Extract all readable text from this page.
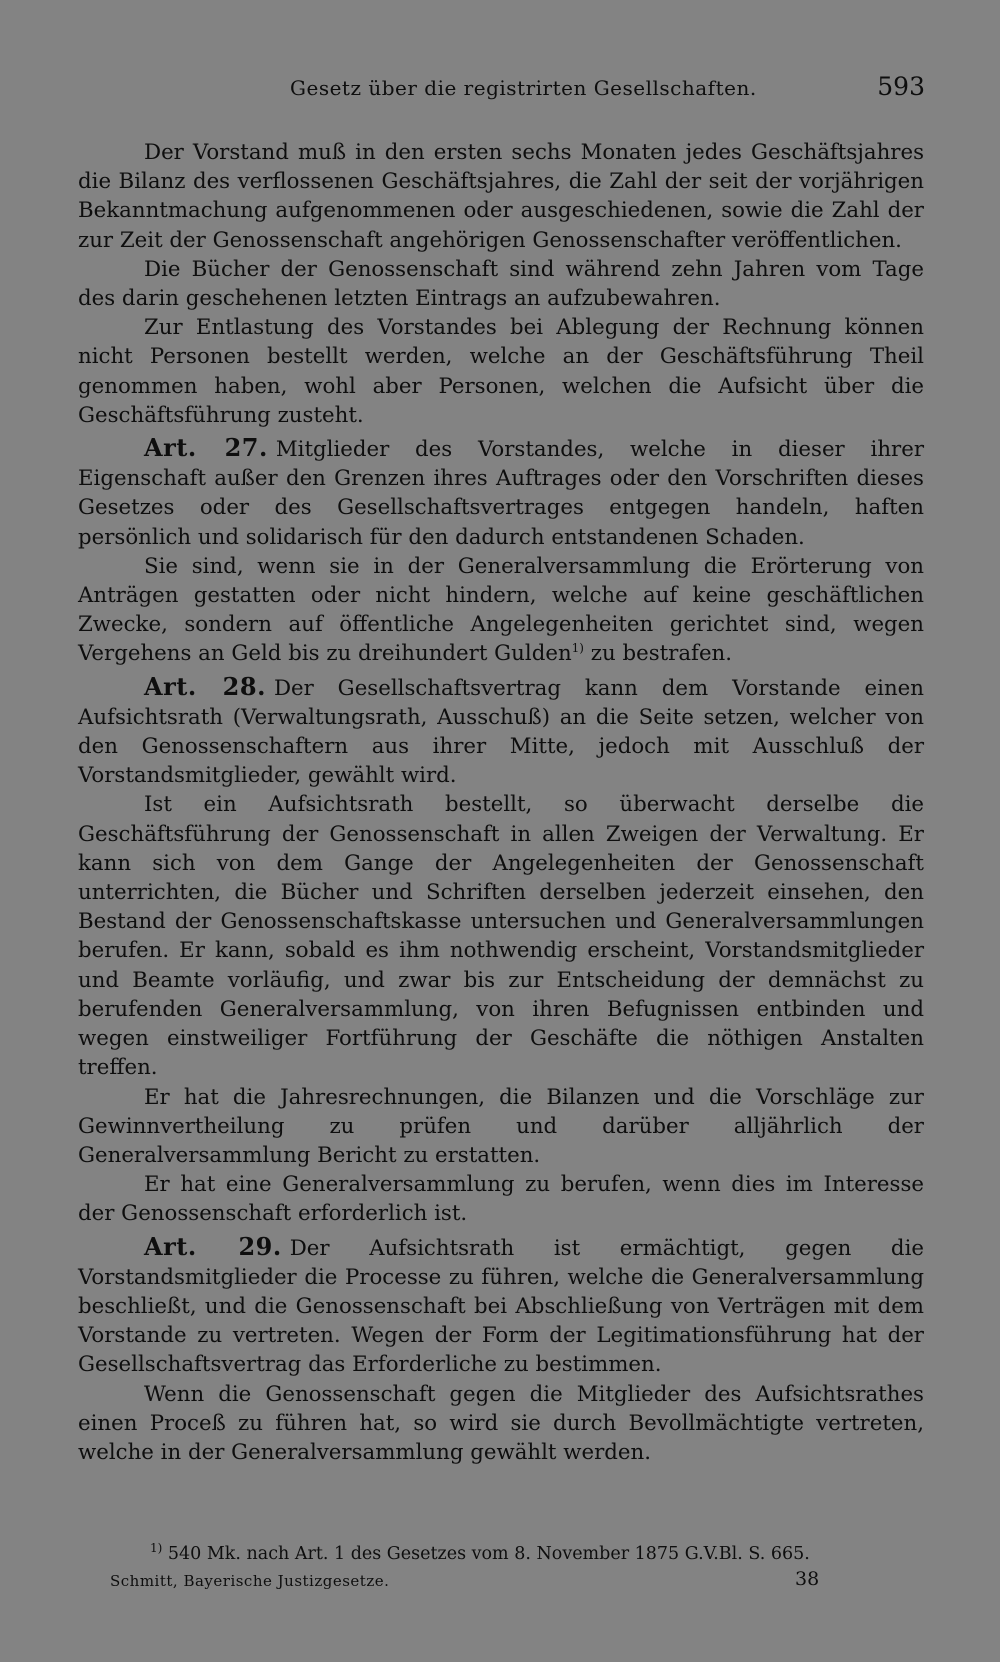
Gesetz über die registrirten Gesellschaften.	593

Der Vorstand muß in den ersten sechs Monaten jedes Geschäftsjahres die Bilanz des verflossenen Geschäftsjahres, die Zahl der seit der vorjährigen Bekanntmachung aufgenommenen oder ausgeschiedenen, sowie die Zahl der zur Zeit der Genossenschaft angehörigen Genossenschafter veröffentlichen.

Die Bücher der Genossenschaft sind während zehn Jahren vom Tage des darin geschehenen letzten Eintrags an aufzubewahren.

Zur Entlastung des Vorstandes bei Ablegung der Rechnung können nicht Personen bestellt werden, welche an der Geschäftsführung Theil genommen haben, wohl aber Personen, welchen die Aufsicht über die Geschäftsführung zusteht.

Art. 27. Mitglieder des Vorstandes, welche in dieser ihrer Eigenschaft außer den Grenzen ihres Auftrages oder den Vorschriften dieses Gesetzes oder des Gesellschaftsvertrages entgegen handeln, haften persönlich und solidarisch für den dadurch entstandenen Schaden.

Sie sind, wenn sie in der Generalversammlung die Erörterung von Anträgen gestatten oder nicht hindern, welche auf keine geschäftlichen Zwecke, sondern auf öffentliche Angelegenheiten gerichtet sind, wegen Vergehens an Geld bis zu dreihundert Gulden$^{1)}$ zu bestrafen.

Art. 28. Der Gesellschaftsvertrag kann dem Vorstande einen Aufsichtsrath (Verwaltungsrath, Ausschuß) an die Seite setzen, welcher von den Genossenschaftern aus ihrer Mitte, jedoch mit Ausschluß der Vorstandsmitglieder, gewählt wird.

Ist ein Aufsichtsrath bestellt, so überwacht derselbe die Geschäftsführung der Genossenschaft in allen Zweigen der Verwaltung. Er kann sich von dem Gange der Angelegenheiten der Genossenschaft unterrichten, die Bücher und Schriften derselben jederzeit einsehen, den Bestand der Genossenschaftskasse untersuchen und Generalversammlungen berufen. Er kann, sobald es ihm nothwendig erscheint, Vorstandsmitglieder und Beamte vorläufig, und zwar bis zur Entscheidung der demnächst zu berufenden Generalversammlung, von ihren Befugnissen entbinden und wegen einstweiliger Fortführung der Geschäfte die nöthigen Anstalten treffen.

Er hat die Jahresrechnungen, die Bilanzen und die Vorschläge zur Gewinnvertheilung zu prüfen und darüber alljährlich der Generalversammlung Bericht zu erstatten.

Er hat eine Generalversammlung zu berufen, wenn dies im Interesse der Genossenschaft erforderlich ist.

Art. 29. Der Aufsichtsrath ist ermächtigt, gegen die Vorstandsmitglieder die Processe zu führen, welche die Generalversammlung beschließt, und die Genossenschaft bei Abschließung von Verträgen mit dem Vorstande zu vertreten. Wegen der Form der Legitimationsführung hat der Gesellschaftsvertrag das Erforderliche zu bestimmen.

Wenn die Genossenschaft gegen die Mitglieder des Aufsichtsrathes einen Proceß zu führen hat, so wird sie durch Bevollmächtigte vertreten, welche in der Generalversammlung gewählt werden.

$^{1)}$ 540 Mk. nach Art. 1 des Gesetzes vom 8. November 1875 G.V.Bl. S. 665.
Schmitt, Bayerische Justizgesetze.	38
